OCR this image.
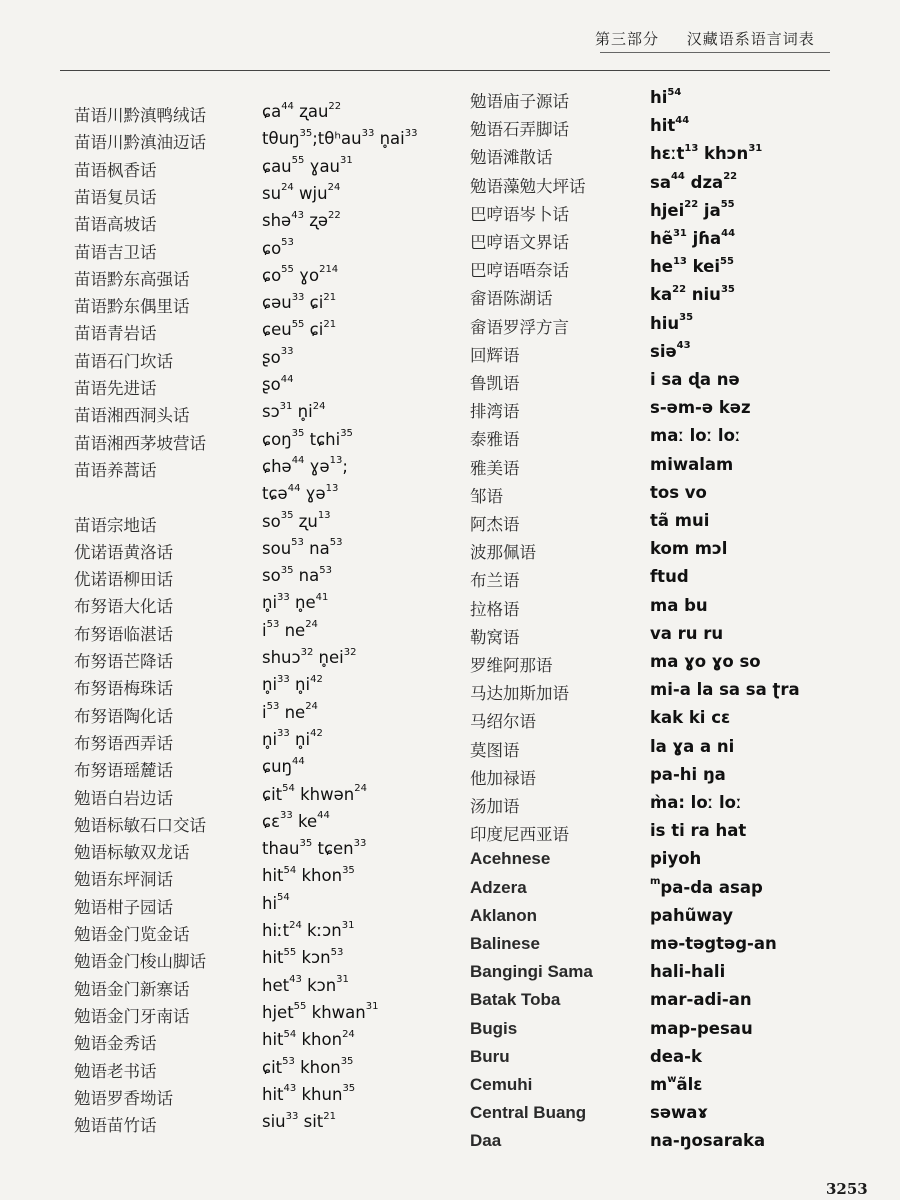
第三部分 汉藏语系语言词表
苗语川黔滇鸭绒话	ɕa$^{44}$ ʐau$^{22}$
苗语川黔滇油迈话	tθuŋ$^{35}$;tθʰau$^{33}$ $n̥ai^{33}$
苗语枫香话	ɕau$^{55}$ ɣau$^{31}$
苗语复员话	$su^{24}$ wju$^{24}$
苗语高坡话	shə$^{43}$ ʐə$^{22}$
苗语吉卫话	ɕo$^{53}$
苗语黔东高强话	ɕo$^{55}$ ɣo$^{214}$
苗语黔东偶里话	ɕəu$^{33}$ ɕi$^{21}$
苗语青岩话	ɕeu$^{55}$ ɕi$^{21}$
苗语石门坎话	ʂo$^{33}$
苗语先进话	ʂo$^{44}$
苗语湘西洞头话	sɔ$^{31}$ $n̥i^{24}$
苗语湘西茅坡营话	ɕoŋ$^{35}$ tɕhi$^{35}$
苗语养蒿话	ɕhə$^{44}$ ɣə$^{13}$;
tɕə$^{44}$ ɣə$^{13}$
苗语宗地话	$so^{35}$ ʐu$^{13}$
优诺语黄洛话	sou$^{53}$ $na^{53}$
优诺语柳田话	$so^{35}$ $na^{53}$
布努语大化话	$n̥i^{33}$ $n̥e^{41}$
布努语临湛话	$i^{53}$ $ne^{24}$
布努语芒降话	shuɔ$^{32}$ $n̥ei^{32}$
布努语梅珠话	$n̥i^{33}$ $n̥i^{42}$
布努语陶化话	$i^{53}$ $ne^{24}$
布努语西弄话	$n̥i^{33}$ $n̥i^{42}$
布努语瑶麓话	ɕuŋ$^{44}$
勉语白岩边话	ɕit$^{54}$ khwən$^{24}$
勉语标敏石口交话	ɕɛ$^{33}$ $ke^{44}$
勉语标敏双龙话	thau$^{35}$ tɕen$^{33}$
勉语东坪洞话	hit$^{54}$ khon$^{35}$
勉语柑子园话	$hi^{54}$
勉语金门览金话	hiːt$^{24}$ kːɔn$^{31}$
勉语金门梭山脚话	hit$^{55}$ kɔn$^{53}$
勉语金门新寨话	het$^{43}$ kɔn$^{31}$
勉语金门牙南话	hjet$^{55}$ khwan$^{31}$
勉语金秀话	hit$^{54}$ khon$^{24}$
勉语老书话	ɕit$^{53}$ khon$^{35}$
勉语罗香坳话	hit$^{43}$ khun$^{35}$
勉语苗竹话	siu$^{33}$ sit$^{21}$
勉语庙子源话	$hi^{54}$
勉语石弄脚话	hit$^{44}$
勉语滩散话	hɛːt$^{13}$ khɔn$^{31}$
勉语藻勉大坪话	$sa^{44}$ dza$^{22}$
巴哼语岑卜话	hjei$^{22}$ $ja^{55}$
巴哼语文界话	hẽ$^{31}$ jɦa$^{44}$
巴哼语唔奈话	$he^{13}$ kei$^{55}$
畲语陈湖话	$ka^{22}$ niu$^{35}$
畲语罗浮方言	hiu$^{35}$
回辉语	siə$^{43}$
鲁凯语	i sa ɖa nə
排湾语	s-əm-ə kəz
泰雅语	maː loː loː
雅美语	miwalam
邹语	tos vo
阿杰语	tã mui
波那佩语	kom mɔl
布兰语	ftud
拉格语	ma bu
勒窝语	va ru ru
罗维阿那语	ma ɣo ɣo so
马达加斯加语	mi-a la sa sa ʈra
马绍尔语	kak ki cɛ
莫图语	la ɣa a ni
他加禄语	pa-hi ŋa
汤加语	m̀a: loː loː
印度尼西亚语	is ti ra hat
Acehnese	piyoh
Adzera	$^m$pa-da asap
Aklanon	pahũway
Balinese	mə-təgtəg-an
Bangingi Sama	hali-hali
Batak Toba	mar-adi-an
Bugis	map-pesau
Buru	dea-k
Cemuhi	$m^wãlɛ$
Central Buang	səwaɤ
Daa	na-ŋosaraka
3253
